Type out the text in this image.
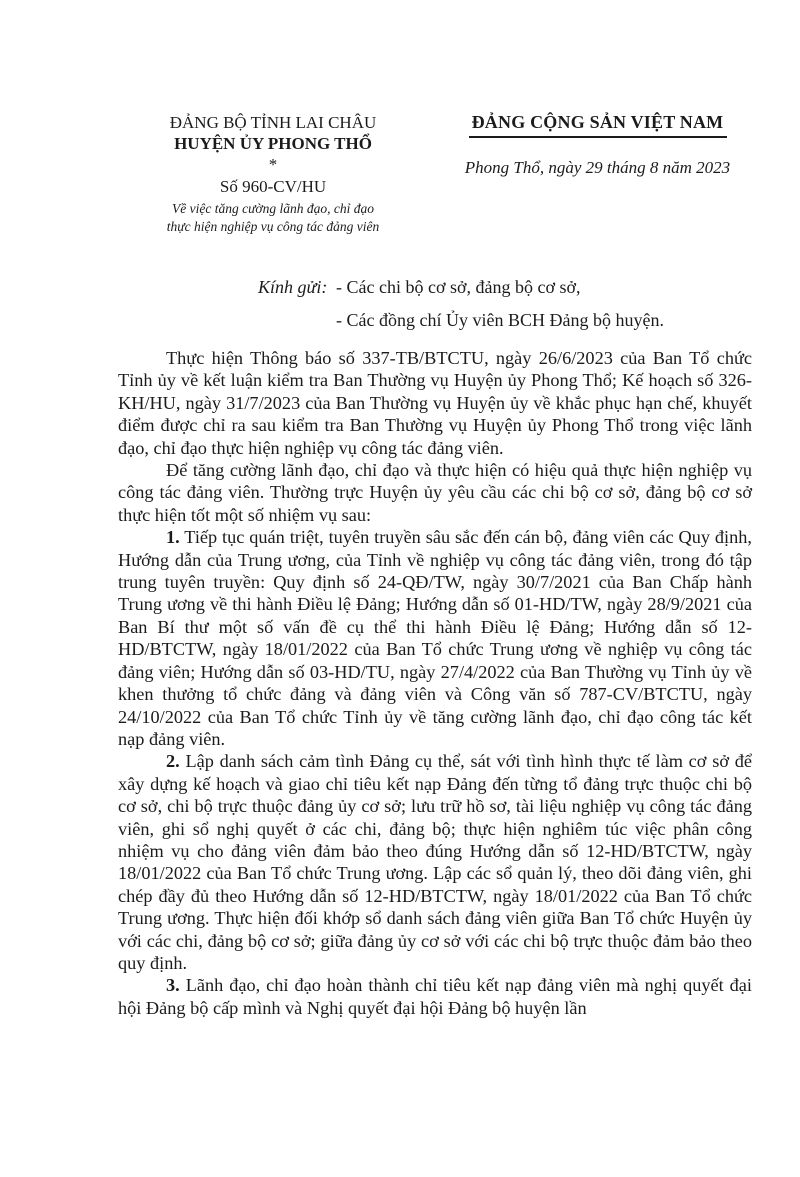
ĐẢNG BỘ TỈNH LAI CHÂU
HUYỆN ỦY PHONG THỔ
*
Số 960-CV/HU
Về việc tăng cường lãnh đạo, chỉ đạo
thực hiện nghiệp vụ công tác đảng viên
ĐẢNG CỘNG SẢN VIỆT NAM
Phong Thổ, ngày 29 tháng 8 năm 2023
Kính gửi: - Các chi bộ cơ sở, đảng bộ cơ sở,
- Các đồng chí Ủy viên BCH Đảng bộ huyện.

Thực hiện Thông báo số 337-TB/BTCTU, ngày 26/6/2023 của Ban Tổ chức Tỉnh ủy về kết luận kiểm tra Ban Thường vụ Huyện ủy Phong Thổ; Kế hoạch số 326-KH/HU, ngày 31/7/2023 của Ban Thường vụ Huyện ủy về khắc phục hạn chế, khuyết điểm được chỉ ra sau kiểm tra Ban Thường vụ Huyện ủy Phong Thổ trong việc lãnh đạo, chỉ đạo thực hiện nghiệp vụ công tác đảng viên.

Để tăng cường lãnh đạo, chỉ đạo và thực hiện có hiệu quả thực hiện nghiệp vụ công tác đảng viên. Thường trực Huyện ủy yêu cầu các chi bộ cơ sở, đảng bộ cơ sở thực hiện tốt một số nhiệm vụ sau:

1. Tiếp tục quán triệt, tuyên truyền sâu sắc đến cán bộ, đảng viên các Quy định, Hướng dẫn của Trung ương, của Tỉnh về nghiệp vụ công tác đảng viên, trong đó tập trung tuyên truyền: Quy định số 24-QĐ/TW, ngày 30/7/2021 của Ban Chấp hành Trung ương về thi hành Điều lệ Đảng; Hướng dẫn số 01-HD/TW, ngày 28/9/2021 của Ban Bí thư một số vấn đề cụ thể thi hành Điều lệ Đảng; Hướng dẫn số 12-HD/BTCTW, ngày 18/01/2022 của Ban Tổ chức Trung ương về nghiệp vụ công tác đảng viên; Hướng dẫn số 03-HD/TU, ngày 27/4/2022 của Ban Thường vụ Tỉnh ủy về khen thưởng tổ chức đảng và đảng viên và Công văn số 787-CV/BTCTU, ngày 24/10/2022 của Ban Tổ chức Tỉnh ủy về tăng cường lãnh đạo, chỉ đạo công tác kết nạp đảng viên.

2. Lập danh sách cảm tình Đảng cụ thể, sát với tình hình thực tế làm cơ sở để xây dựng kế hoạch và giao chỉ tiêu kết nạp Đảng đến từng tổ đảng trực thuộc chi bộ cơ sở, chi bộ trực thuộc đảng ủy cơ sở; lưu trữ hồ sơ, tài liệu nghiệp vụ công tác đảng viên, ghi sổ nghị quyết ở các chi, đảng bộ; thực hiện nghiêm túc việc phân công nhiệm vụ cho đảng viên đảm bảo theo đúng Hướng dẫn số 12-HD/BTCTW, ngày 18/01/2022 của Ban Tổ chức Trung ương. Lập các sổ quản lý, theo dõi đảng viên, ghi chép đầy đủ theo Hướng dẫn số 12-HD/BTCTW, ngày 18/01/2022 của Ban Tổ chức Trung ương. Thực hiện đối khớp sổ danh sách đảng viên giữa Ban Tổ chức Huyện ủy với các chi, đảng bộ cơ sở; giữa đảng ủy cơ sở với các chi bộ trực thuộc đảm bảo theo quy định.

3. Lãnh đạo, chỉ đạo hoàn thành chỉ tiêu kết nạp đảng viên mà nghị quyết đại hội Đảng bộ cấp mình và Nghị quyết đại hội Đảng bộ huyện lần
